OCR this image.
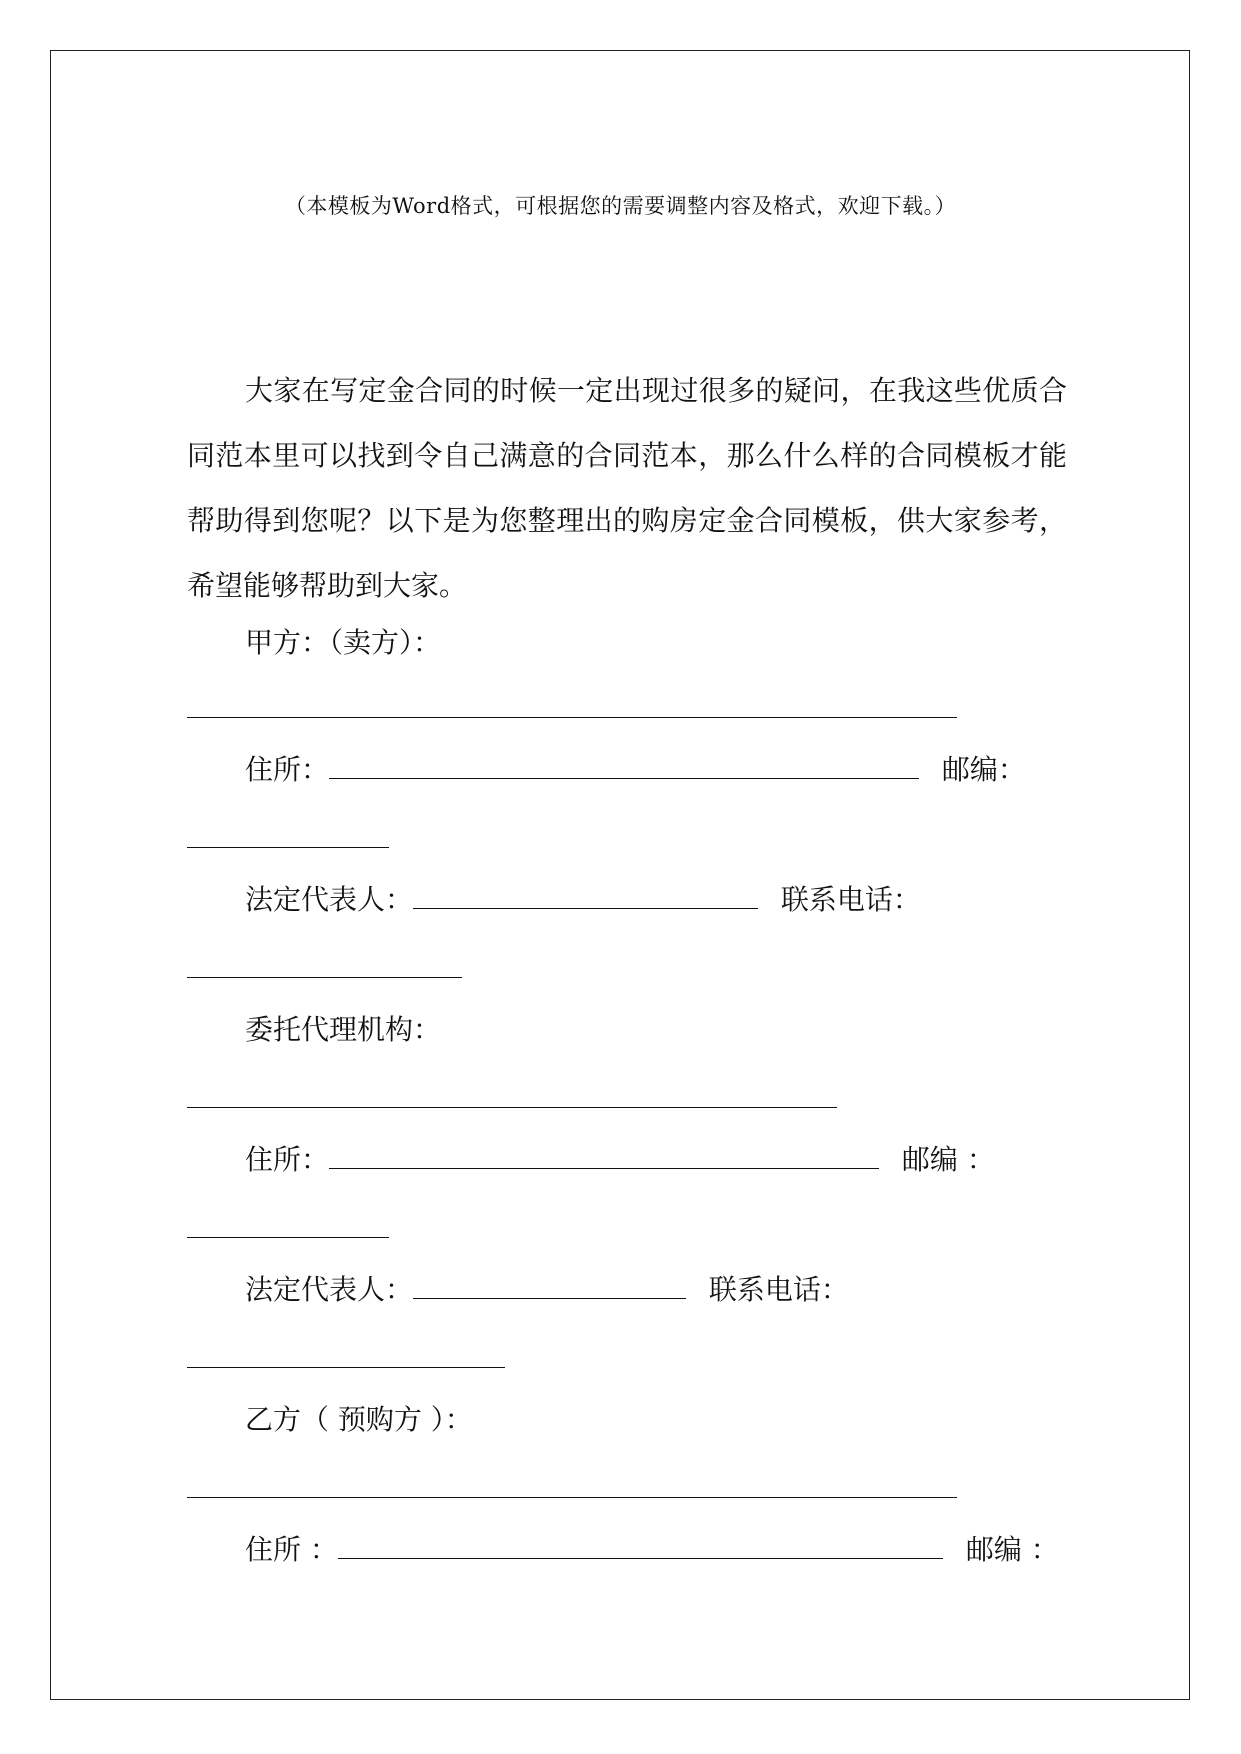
（本模板为Word格式，可根据您的需要调整内容及格式，欢迎下载。）

大家在写定金合同的时候一定出现过很多的疑问，在我这些优质合同范本里可以找到令自己满意的合同范本，那么什么样的合同模板才能帮助得到您呢？以下是为您整理出的购房定金合同模板，供大家参考，希望能够帮助到大家。

甲方：（卖方）：
住所：	邮编：
法定代表人：	联系电话：
委托代理机构：
住所：	邮编 ：
法定代表人：	联系电话：
乙方（ 预购方 ）：
住所 ：	邮编 ：
